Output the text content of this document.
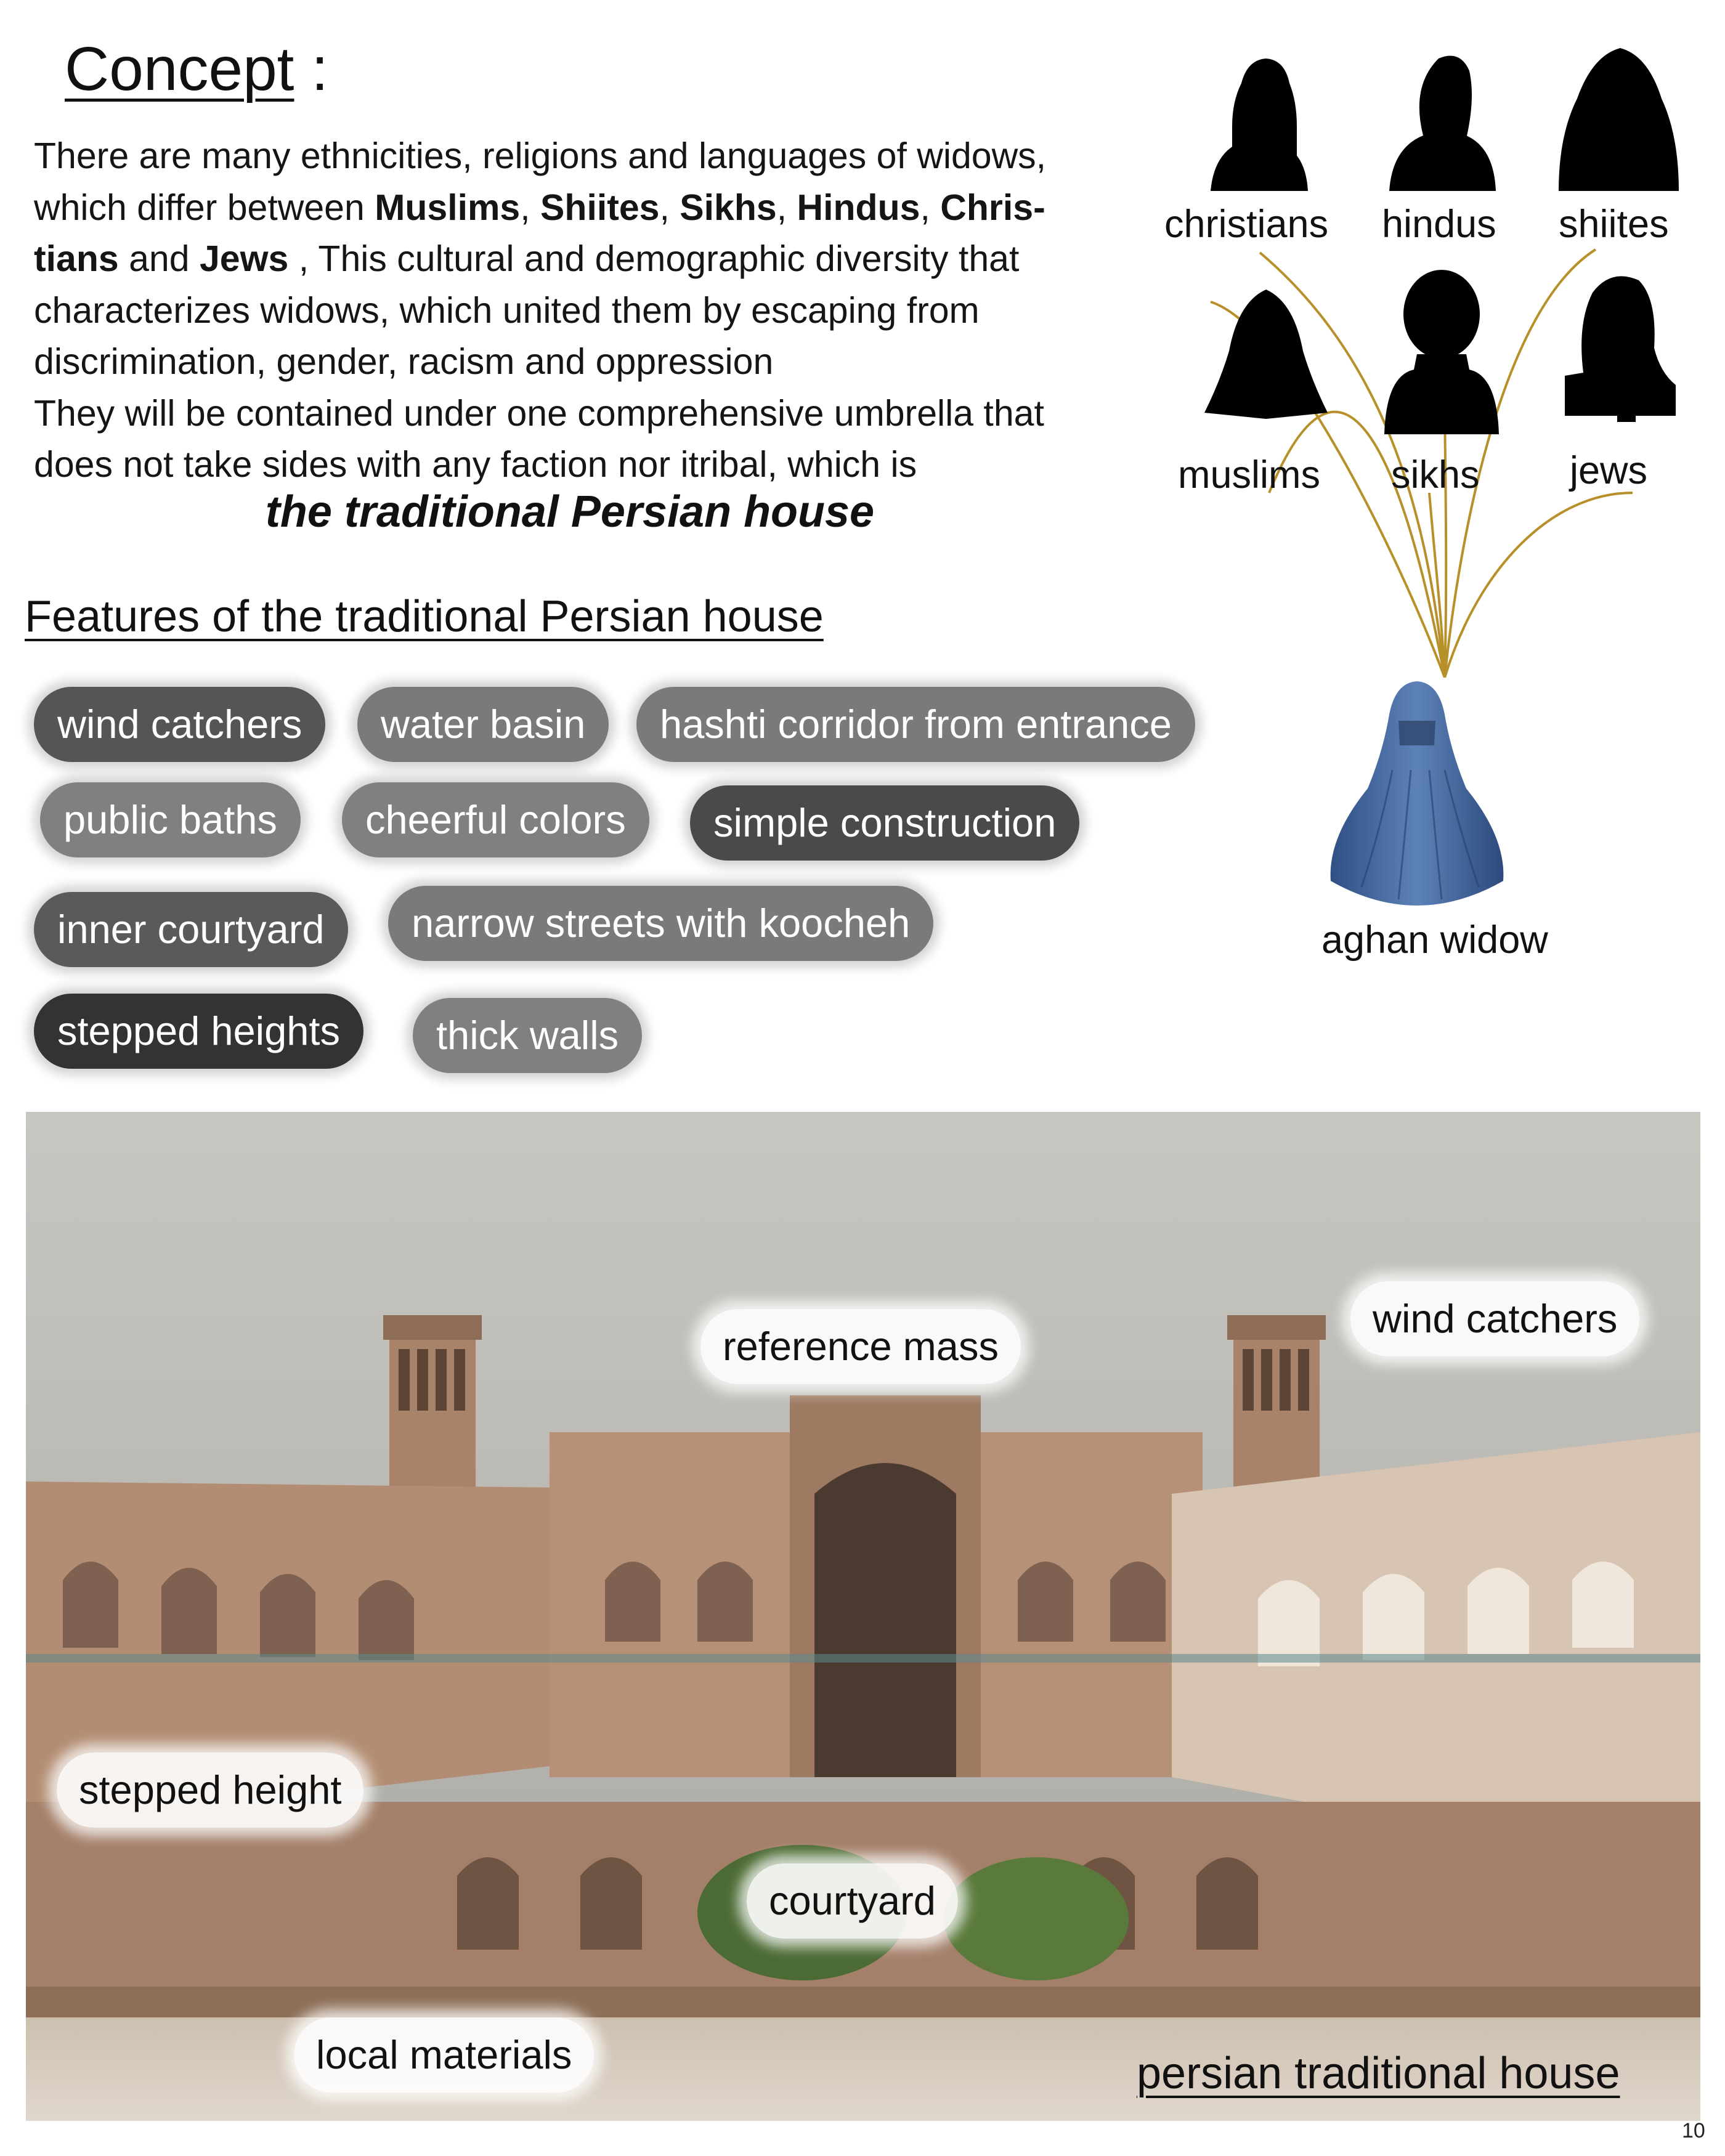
Concept :
There are many ethnicities, religions and languages of widows,
which differ between Muslims, Shiites, Sikhs, Hindus, Chris-
tians and Jews , This cultural and demographic diversity that
characterizes widows, which united them by escaping from
discrimination, gender, racism and oppression
They will be contained under one comprehensive umbrella that
does not take sides with any faction nor itribal, which is
the traditional Persian house
Features of the traditional Persian house
wind catchers	water basin	hashti corridor from entrance
public baths	cheerful colors	simple construction
inner courtyard	narrow streets with koocheh
stepped heights	thick walls
christians hindus shiites
muslims sikhs jews
aghan widow
reference mass
wind catchers
stepped height
courtyard
local materials	persian traditional house
10
